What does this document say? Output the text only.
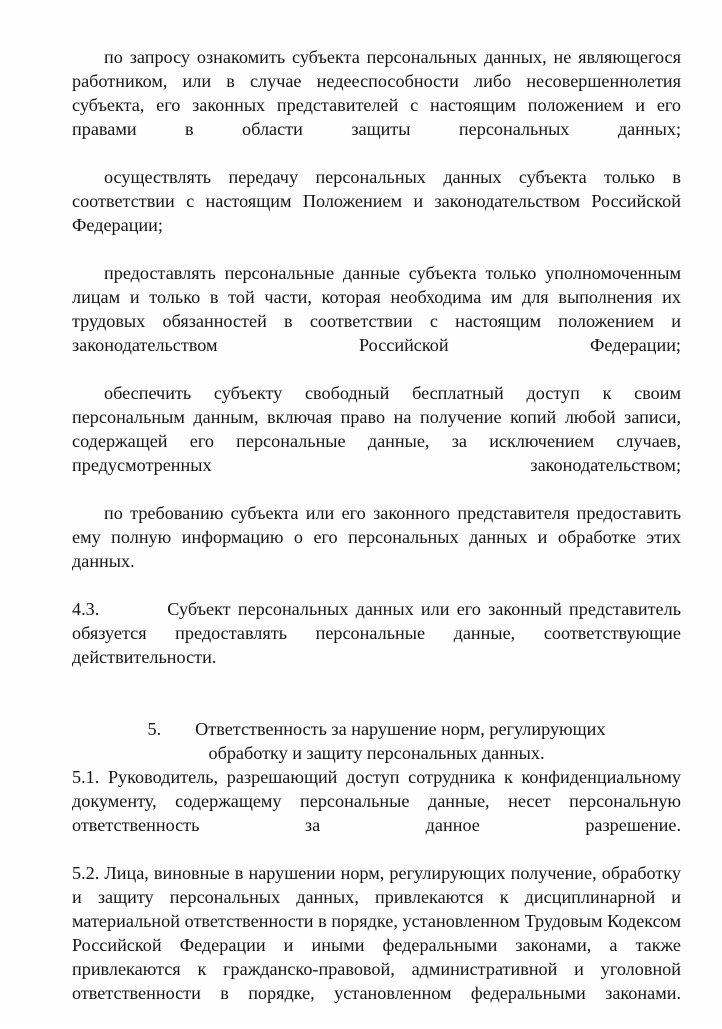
по запросу ознакомить субъекта персональных данных, не являющегося работником, или в случае недееспособности либо несовершеннолетия субъекта, его законных представителей с настоящим положением и его правами в области защиты персональных данных;

осуществлять передачу персональных данных субъекта только в соответствии с настоящим Положением и законодательством Российской Федерации;

предоставлять персональные данные субъекта только уполномоченным лицам и только в той части, которая необходима им для выполнения их трудовых обязанностей в соответствии с настоящим положением и законодательством Российской Федерации;

обеспечить субъекту свободный бесплатный доступ к своим персональным данным, включая право на получение копий любой записи, содержащей его персональные данные, за исключением случаев, предусмотренных законодательством;

по требованию субъекта или его законного представителя предоставить ему полную информацию о его персональных данных и обработке этих данных.

4.3.	Субъект персональных данных или его законный представитель обязуется предоставлять персональные данные, соответствующие действительности.

5. Ответственность за нарушение норм, регулирующих
обработку и защиту персональных данных.

5.1. Руководитель, разрешающий доступ сотрудника к конфиденциальному документу, содержащему персональные данные, несет персональную ответственность за данное разрешение.

5.2. Лица, виновные в нарушении норм, регулирующих получение, обработку и защиту персональных данных, привлекаются к дисциплинарной и материальной ответственности в порядке, установленном Трудовым Кодексом Российской Федерации и иными федеральными законами, а также привлекаются к гражданско-правовой, административной и уголовной ответственности в порядке, установленном федеральными законами.
